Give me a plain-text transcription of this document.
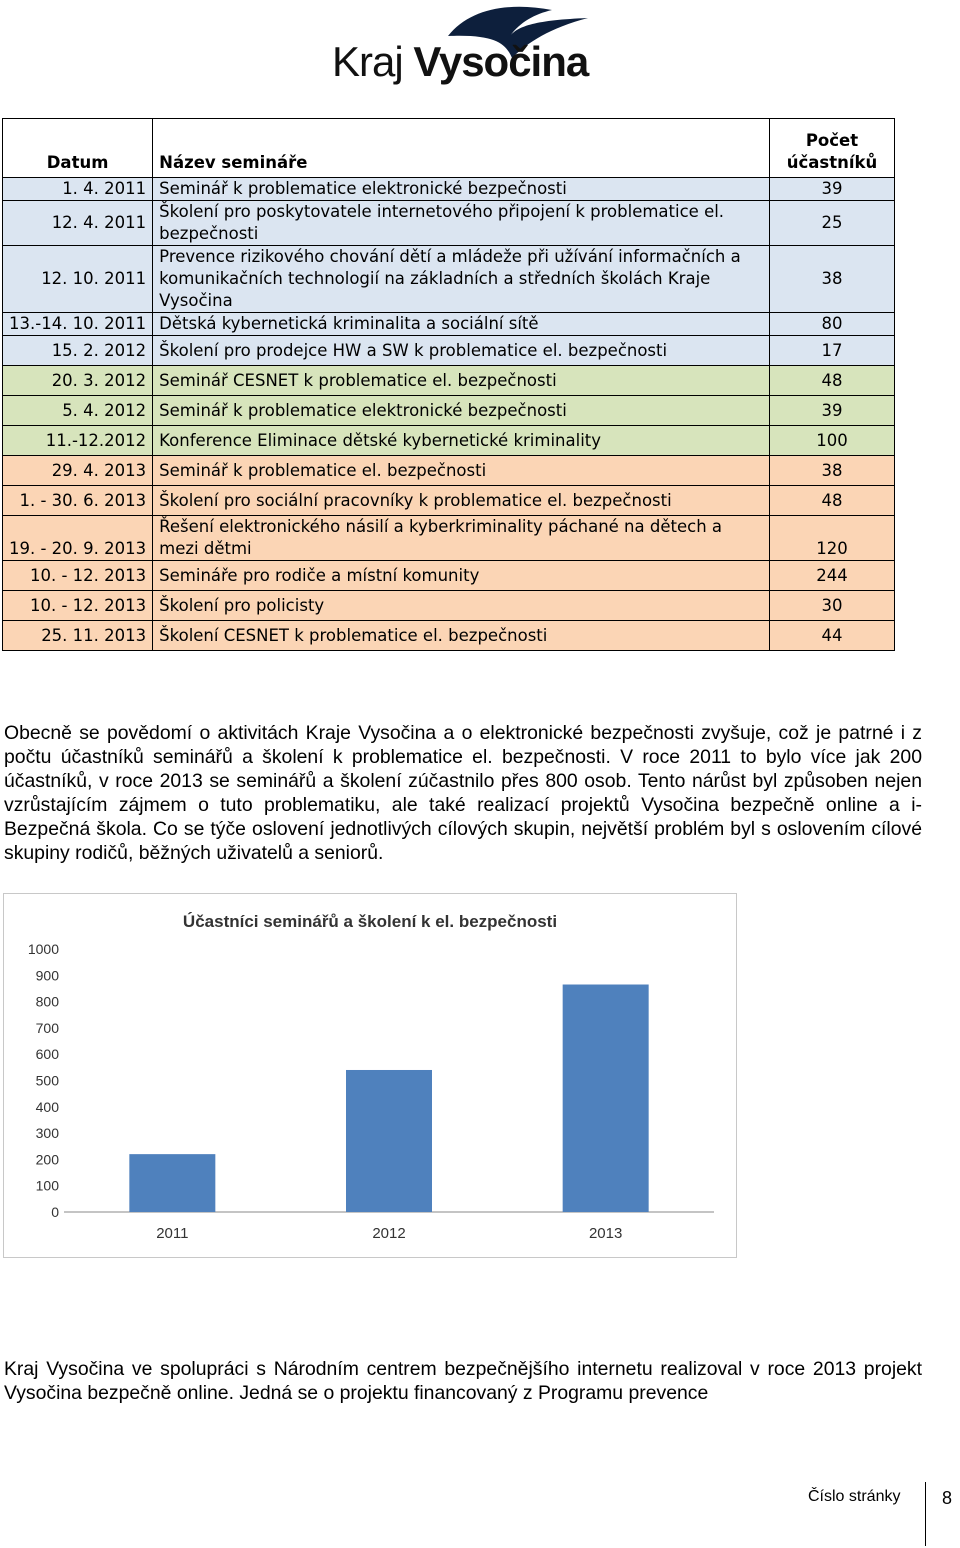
Kraj Vysočina
Datum	Název semináře	Počet účastníků
1. 4. 2011	Seminář k problematice elektronické bezpečnosti	39
12. 4. 2011	Školení pro poskytovatele internetového připojení k problematice el. bezpečnosti	25
12. 10. 2011	Prevence rizikového chování dětí a mládeže při užívání informačních a komunikačních technologií na základních a středních školách Kraje Vysočina	38
13.-14. 10. 2011	Dětská kybernetická kriminalita a sociální sítě	80
15. 2. 2012	Školení pro prodejce HW a SW k problematice el. bezpečnosti	17
20. 3. 2012	Seminář CESNET k problematice el. bezpečnosti	48
5. 4. 2012	Seminář k problematice elektronické bezpečnosti	39
11.-12.2012	Konference Eliminace dětské kybernetické kriminality	100
29. 4. 2013	Seminář k problematice el. bezpečnosti	38
1. - 30. 6. 2013	Školení pro sociální pracovníky k problematice el. bezpečnosti	48
19. - 20. 9. 2013	Řešení elektronického násilí a kyberkriminality páchané na dětech a mezi dětmi	120
10. - 12. 2013	Semináře pro rodiče a místní komunity	244
10. - 12. 2013	Školení pro policisty	30
25. 11. 2013	Školení CESNET k problematice el. bezpečnosti	44
Obecně se povědomí o aktivitách Kraje Vysočina a o elektronické bezpečnosti zvyšuje, což je patrné i z počtu účastníků seminářů a školení k problematice el. bezpečnosti. V roce 2011 to bylo více jak 200 účastníků, v roce 2013 se seminářů a školení zúčastnilo přes 800 osob. Tento nárůst byl způsoben nejen vzrůstajícím zájmem o tuto problematiku, ale také realizací projektů Vysočina bezpečně online a i-Bezpečná škola. Co se týče oslovení jednotlivých cílových skupin, největší problém byl s oslovením cílové skupiny rodičů, běžných uživatelů a seniorů.
Účastníci seminářů a školení k el. bezpečnosti
0
100
200
300
400
500
600
700
800
900
1000
2011	2012	2013
Kraj Vysočina ve spolupráci s Národním centrem bezpečnějšího internetu realizoval v roce 2013 projekt Vysočina bezpečně online. Jedná se o projektu financovaný z Programu prevence
Číslo stránky 8
